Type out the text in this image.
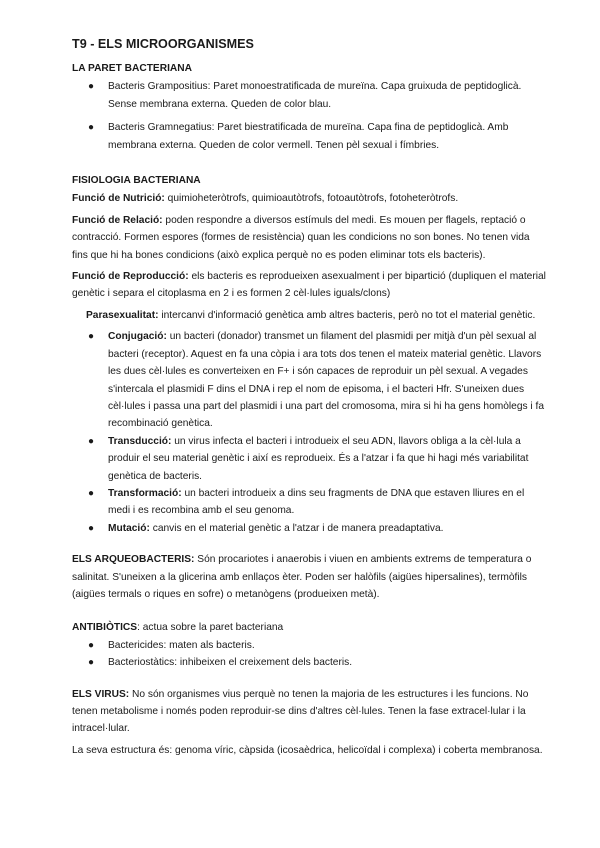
T9 - ELS MICROORGANISMES
LA PARET BACTERIANA
● Bacteris Grampositius: Paret monoestratificada de mureïna. Capa gruixuda de peptidoglicà. Sense membrana externa. Queden de color blau.
● Bacteris Gramnegatius: Paret biestratificada de mureïna. Capa fina de peptidoglicà. Amb membrana externa. Queden de color vermell. Tenen pèl sexual i fímbries.
FISIOLOGIA BACTERIANA

Funció de Nutrició: quimioheteròtrofs, quimioautòtrofs, fotoautòtrofs, fotoheteròtrofs.

Funció de Relació: poden respondre a diversos estímuls del medi. Es mouen per flagels, reptació o contracció. Formen espores (formes de resistència) quan les condicions no son bones. No tenen vida fins que hi ha bones condicions (això explica perquè no es poden eliminar tots els bacteris).

Funció de Reproducció: els bacteris es reprodueixen asexualment i per bipartició (dupliquen el material genètic i separa el citoplasma en 2 i es formen 2 cèl·lules iguals/clons)

Parasexualitat: intercanvi d'informació genètica amb altres bacteris, però no tot el material genètic.

● Conjugació: un bacteri (donador) transmet un filament del plasmidi per mitjà d'un pèl sexual al bacteri (receptor). Aquest en fa una còpia i ara tots dos tenen el mateix material genètic. Llavors les dues cèl·lules es converteixen en F+ i són capaces de reproduir un pèl sexual. A vegades s'intercala el plasmidi F dins el DNA i rep el nom de episoma, i el bacteri Hfr. S'uneixen dues cèl·lules i passa una part del plasmidi i una part del cromosoma, mira si hi ha gens homòlegs i fa recombinació genètica.
● Transducció: un virus infecta el bacteri i introdueix el seu ADN, llavors obliga a la cèl·lula a produir el seu material genètic i així es reprodueix. És a l'atzar i fa que hi hagi més variabilitat genètica de bacteris.
● Transformació: un bacteri introdueix a dins seu fragments de DNA que estaven lliures en el medi i es recombina amb el seu genoma.
● Mutació: canvis en el material genètic a l'atzar i de manera preadaptativa.

ELS ARQUEOBACTERIS: Són procariotes i anaerobis i viuen en ambients extrems de temperatura o salinitat. S'uneixen a la glicerina amb enllaços èter. Poden ser halòfils (aigües hipersalines), termòfils (aigües termals o riques en sofre) o metanògens (produeixen metà).

ANTIBIÒTICS: actua sobre la paret bacteriana

● Bactericides: maten als bacteris.
● Bacteriostàtics: inhibeixen el creixement dels bacteris.

ELS VIRUS: No són organismes vius perquè no tenen la majoria de les estructures i les funcions. No tenen metabolisme i només poden reproduir-se dins d'altres cèl·lules. Tenen la fase extracel·lular i la intracel·lular.

La seva estructura és: genoma víric, càpsida (icosaèdrica, helicoïdal i complexa) i coberta membranosa.
